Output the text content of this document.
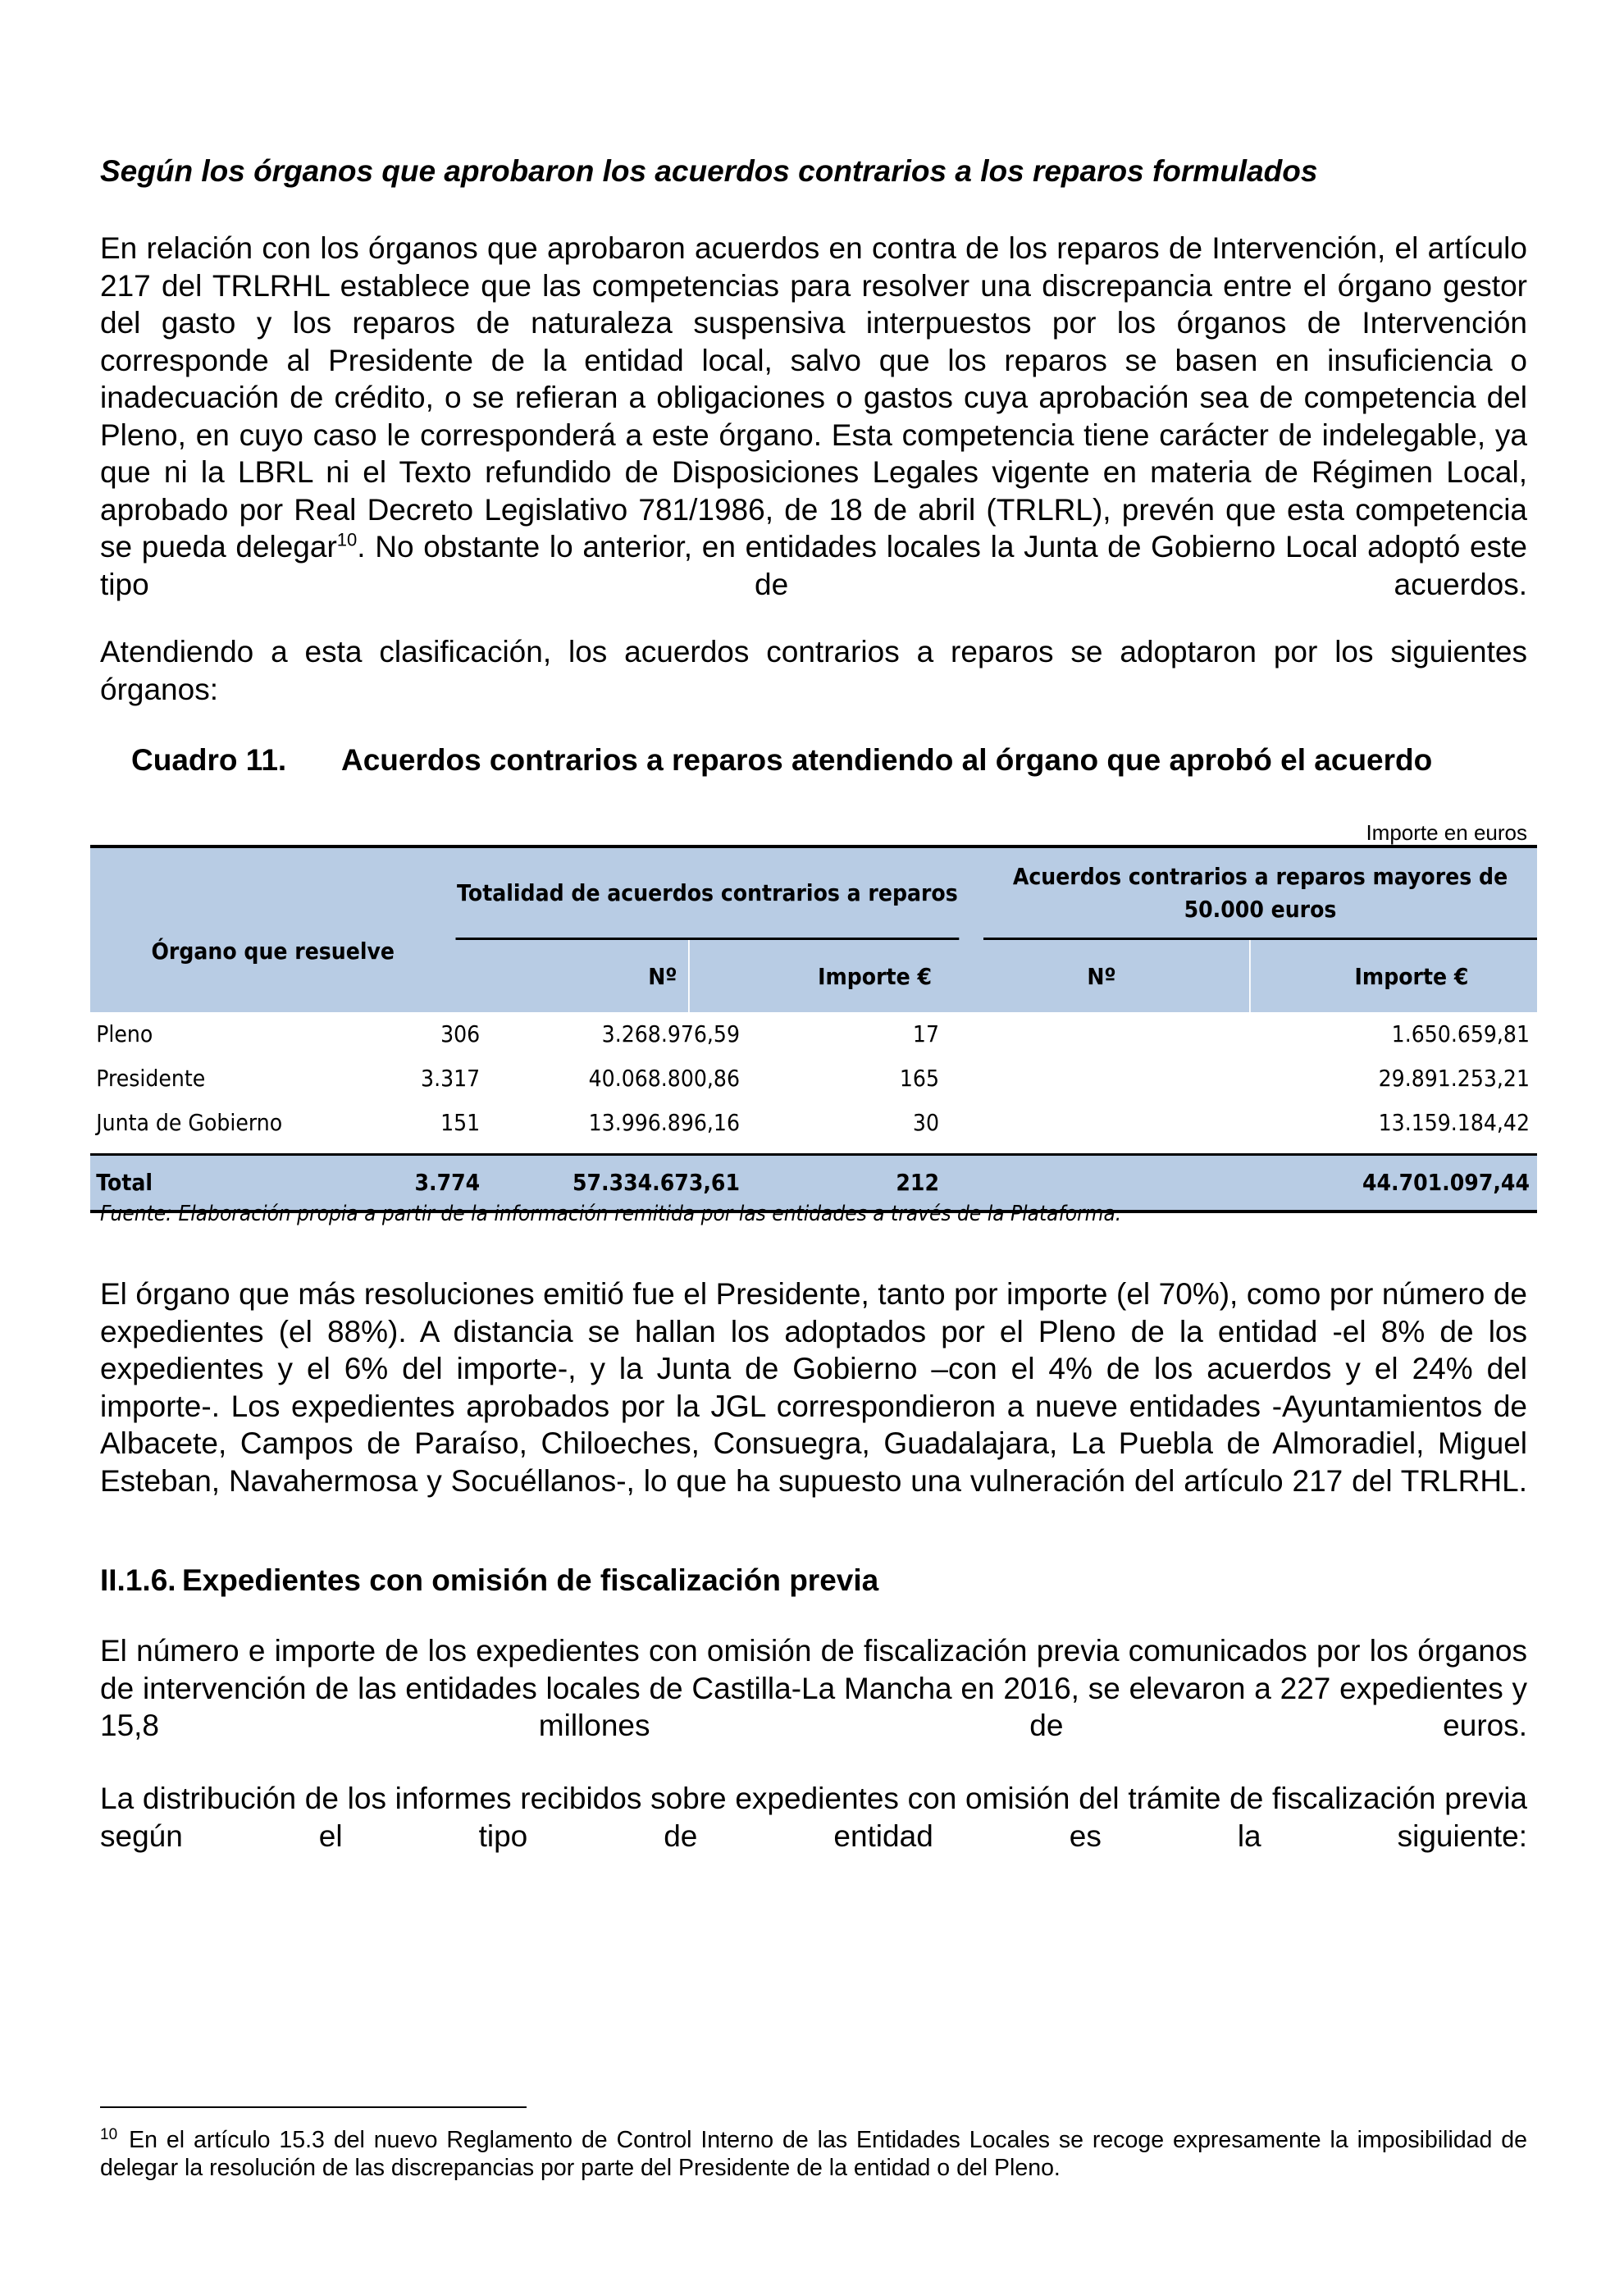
Según los órganos que aprobaron los acuerdos contrarios a los reparos formulados

En relación con los órganos que aprobaron acuerdos en contra de los reparos de Intervención, el artículo 217 del TRLRHL establece que las competencias para resolver una discrepancia entre el órgano gestor del gasto y los reparos de naturaleza suspensiva interpuestos por los órganos de Intervención corresponde al Presidente de la entidad local, salvo que los reparos se basen en insuficiencia o inadecuación de crédito, o se refieran a obligaciones o gastos cuya aprobación sea de competencia del Pleno, en cuyo caso le corresponderá a este órgano. Esta competencia tiene carácter de indelegable, ya que ni la LBRL ni el Texto refundido de Disposiciones Legales vigente en materia de Régimen Local, aprobado por Real Decreto Legislativo 781/1986, de 18 de abril (TRLRL), prevén que esta competencia se pueda delegar$^{10}$. No obstante lo anterior, en entidades locales la Junta de Gobierno Local adoptó este tipo de acuerdos.

Atendiendo a esta clasificación, los acuerdos contrarios a reparos se adoptaron por los siguientes órganos:

Cuadro 11. Acuerdos contrarios a reparos atendiendo al órgano que aprobó el acuerdo
Importe en euros
Órgano que resuelve
Totalidad de acuerdos contrarios a reparos
Acuerdos contrarios a reparos mayores de 50.000 euros
Nº	Importe €	Nº	Importe €
Pleno	306	3.268.976,59	17	1.650.659,81
Presidente	3.317	40.068.800,86	165	29.891.253,21
Junta de Gobierno	151	13.996.896,16	30	13.159.184,42
Total	3.774	57.334.673,61	212	44.701.097,44
Fuente: Elaboración propia a partir de la información remitida por las entidades a través de la Plataforma.

El órgano que más resoluciones emitió fue el Presidente, tanto por importe (el 70%), como por número de expedientes (el 88%). A distancia se hallan los adoptados por el Pleno de la entidad -el 8% de los expedientes y el 6% del importe-, y la Junta de Gobierno –con el 4% de los acuerdos y el 24% del importe-. Los expedientes aprobados por la JGL correspondieron a nueve entidades -Ayuntamientos de Albacete, Campos de Paraíso, Chiloeches, Consuegra, Guadalajara, La Puebla de Almoradiel, Miguel Esteban, Navahermosa y Socuéllanos-, lo que ha supuesto una vulneración del artículo 217 del TRLRHL.

II.1.6. Expedientes con omisión de fiscalización previa

El número e importe de los expedientes con omisión de fiscalización previa comunicados por los órganos de intervención de las entidades locales de Castilla-La Mancha en 2016, se elevaron a 227 expedientes y 15,8 millones de euros.

La distribución de los informes recibidos sobre expedientes con omisión del trámite de fiscalización previa según el tipo de entidad es la siguiente:

$^{10}$ En el artículo 15.3 del nuevo Reglamento de Control Interno de las Entidades Locales se recoge expresamente la imposibilidad de delegar la resolución de las discrepancias por parte del Presidente de la entidad o del Pleno.
